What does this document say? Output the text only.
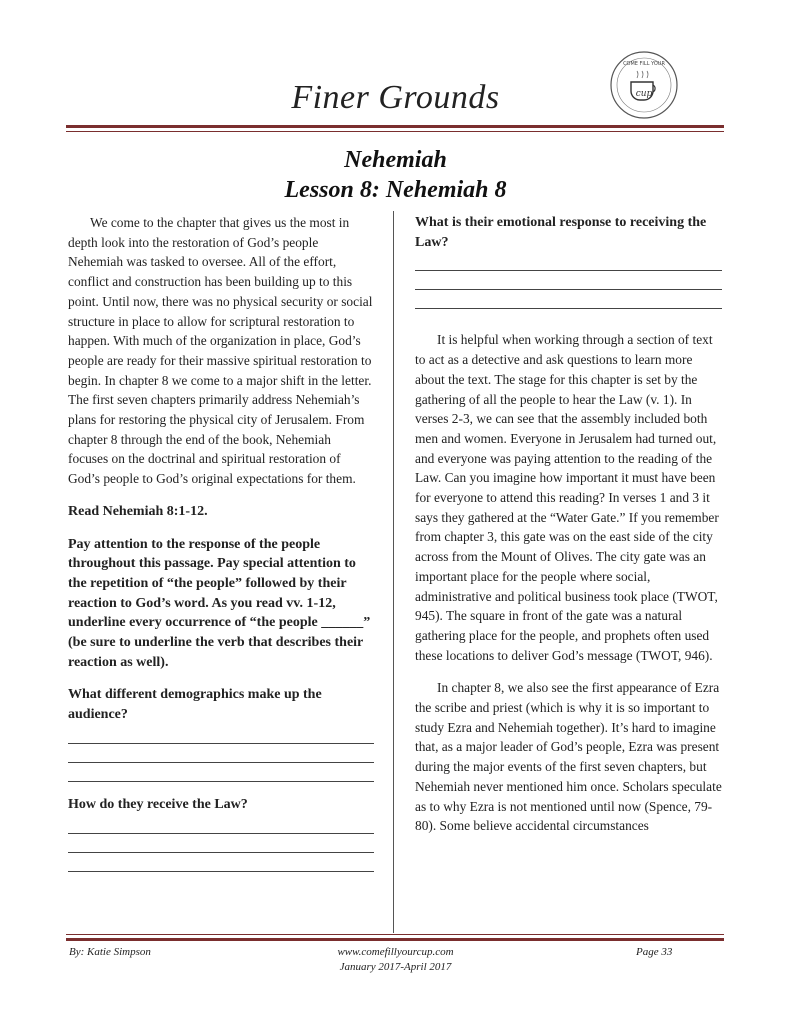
COME FILL YOUR
cup
Finer Grounds
Nehemiah
Lesson 8: Nehemiah 8

We come to the chapter that gives us the most in depth look into the restoration of God’s people Nehemiah was tasked to oversee. All of the effort, conflict and construction has been building up to this point. Until now, there was no physical security or social structure in place to allow for scriptural restoration to happen. With much of the organization in place, God’s people are ready for their massive spiritual restoration to begin. In chapter 8 we come to a major shift in the letter. The first seven chapters primarily address Nehemiah’s plans for restoring the physical city of Jerusalem. From chapter 8 through the end of the book, Nehemiah focuses on the doctrinal and spiritual restoration of God’s people to God’s original expectations for them.

Read Nehemiah 8:1-12.

Pay attention to the response of the people throughout this passage. Pay special attention to the repetition of “the people” followed by their reaction to God’s word. As you read vv. 1-12, underline every occurrence of “the people ______” (be sure to underline the verb that describes their reaction as well).

What different demographics make up the audience?

How do they receive the Law?

What is their emotional response to receiving the Law?

It is helpful when working through a section of text to act as a detective and ask questions to learn more about the text. The stage for this chapter is set by the gathering of all the people to hear the Law (v. 1). In verses 2-3, we can see that the assembly included both men and women. Everyone in Jerusalem had turned out, and everyone was paying attention to the reading of the Law. Can you imagine how important it must have been for everyone to attend this reading? In verses 1 and 3 it says they gathered at the “Water Gate.” If you remember from chapter 3, this gate was on the east side of the city across from the Mount of Olives. The city gate was an important place for the people where social, administrative and political business took place (TWOT, 945). The square in front of the gate was a natural gathering place for the people, and prophets often used these locations to deliver God’s message (TWOT, 946).

In chapter 8, we also see the first appearance of Ezra the scribe and priest (which is why it is so important to study Ezra and Nehemiah together). It’s hard to imagine that, as a major leader of God’s people, Ezra was present during the major events of the first seven chapters, but Nehemiah never mentioned him once. Scholars speculate as to why Ezra is not mentioned until now (Spence, 79-80). Some believe accidental circumstances

By: Katie Simpson	www.comefillyourcup.com	Page 33
January 2017-April 2017
